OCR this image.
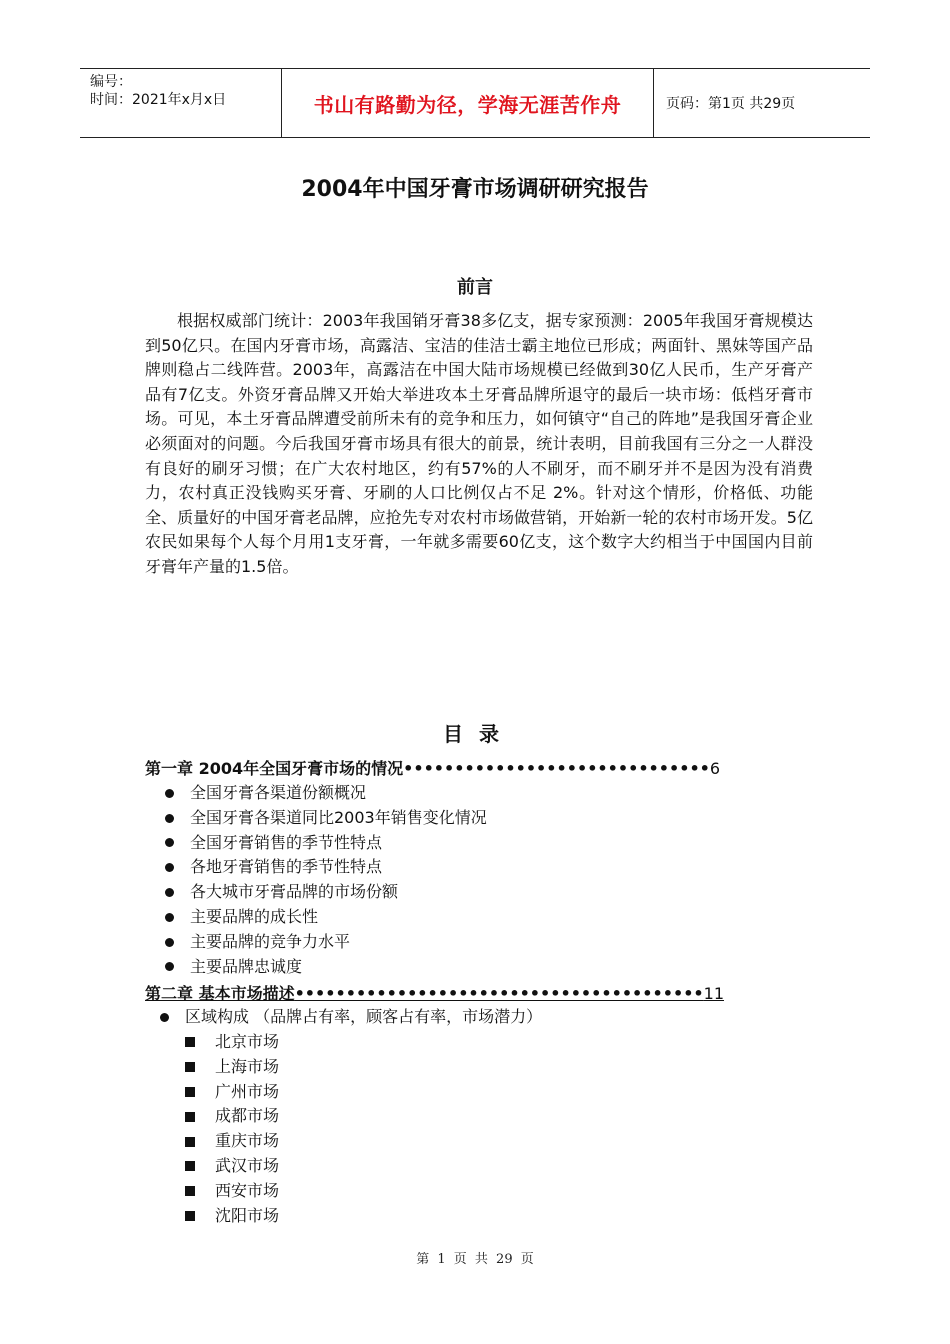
编号：
时间：2021年x月x日	书山有路勤为径，学海无涯苦作舟	页码：第1页 共29页
2004年中国牙膏市场调研研究报告
前言
根据权威部门统计：2003年我国销牙膏38多亿支，据专家预测：2005年我国牙膏规模达到50亿只。在国内牙膏市场，高露洁、宝洁的佳洁士霸主地位已形成；两面针、黑妹等国产品牌则稳占二线阵营。2003年，高露洁在中国大陆市场规模已经做到30亿人民币，生产牙膏产品有7亿支。外资牙膏品牌又开始大举进攻本土牙膏品牌所退守的最后一块市场：低档牙膏市场。可见，本土牙膏品牌遭受前所未有的竞争和压力，如何镇守“自己的阵地”是我国牙膏企业必须面对的问题。今后我国牙膏市场具有很大的前景，统计表明，目前我国有三分之一人群没有良好的刷牙习惯；在广大农村地区，约有57%的人不刷牙，而不刷牙并不是因为没有消费力，农村真正没钱购买牙膏、牙刷的人口比例仅占不足 2%。针对这个情形，价格低、功能全、质量好的中国牙膏老品牌，应抢先专对农村市场做营销，开始新一轮的农村市场开发。5亿农民如果每个人每个月用1支牙膏，一年就多需要60亿支，这个数字大约相当于中国国内目前牙膏年产量的1.5倍。
目录
第一章 2004年全国牙膏市场的情况••••••••••••••••••••••••••••••6
全国牙膏各渠道份额概况
全国牙膏各渠道同比2003年销售变化情况
全国牙膏销售的季节性特点
各地牙膏销售的季节性特点
各大城市牙膏品牌的市场份额
主要品牌的成长性
主要品牌的竞争力水平
主要品牌忠诚度
第二章 基本市场描述••••••••••••••••••••••••••••••••••••••••11
区域构成 （品牌占有率，顾客占有率，市场潜力）
北京市场
上海市场
广州市场
成都市场
重庆市场
武汉市场
西安市场
沈阳市场
第 1 页 共 29 页
